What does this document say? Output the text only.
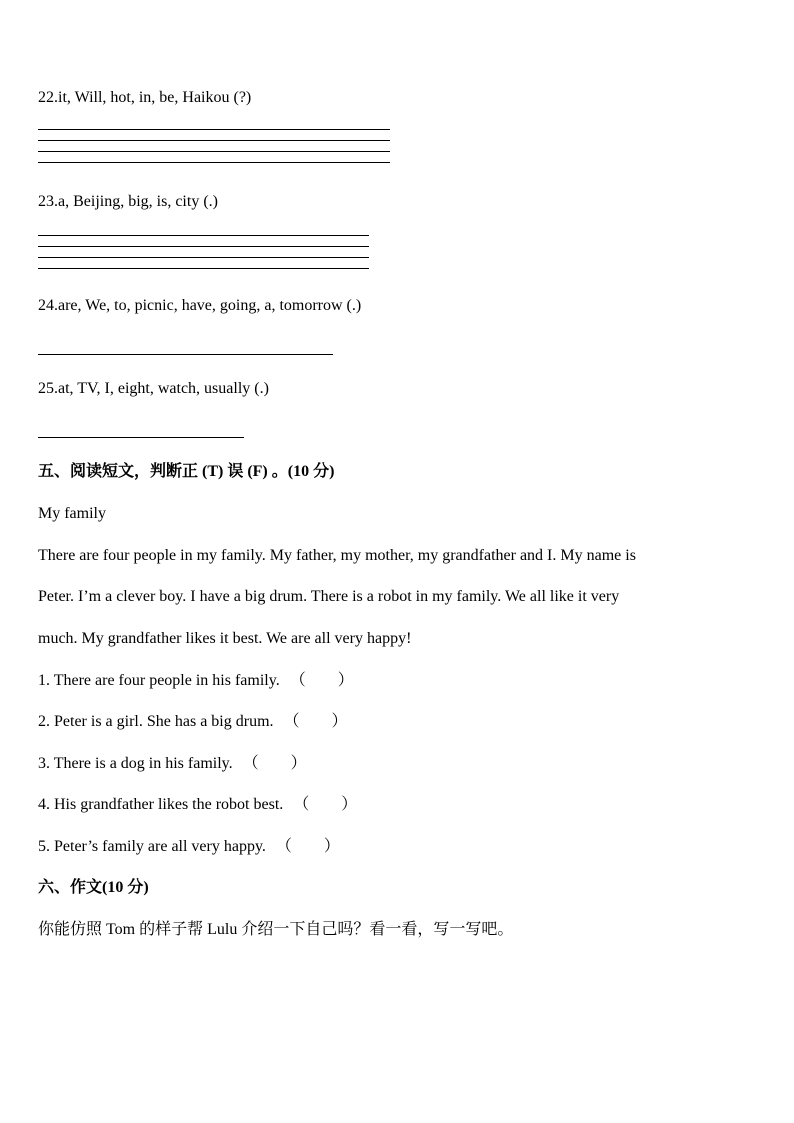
22.it, Will, hot, in, be, Haikou (?)
23.a, Beijing, big, is, city (.)
24.are, We, to, picnic, have, going, a, tomorrow (.)
25.at, TV, I, eight, watch, usually (.)
五、阅读短文，判断正 (T) 误 (F) 。(10 分)
My family
There are four people in my family. My father, my mother, my grandfather and I. My name is
Peter. I’m a clever boy. I have a big drum. There is a robot in my family. We all like it very
much. My grandfather likes it best. We are all very happy!
1. There are four people in his family. （　　）
2. Peter is a girl. She has a big drum. （　　）
3. There is a dog in his family. （　　）
4. His grandfather likes the robot best. （　　）
5. Peter’s family are all very happy. （　　）
六、作文(10 分)
你能仿照 Tom 的样子帮 Lulu 介绍一下自己吗？看一看，写一写吧。
